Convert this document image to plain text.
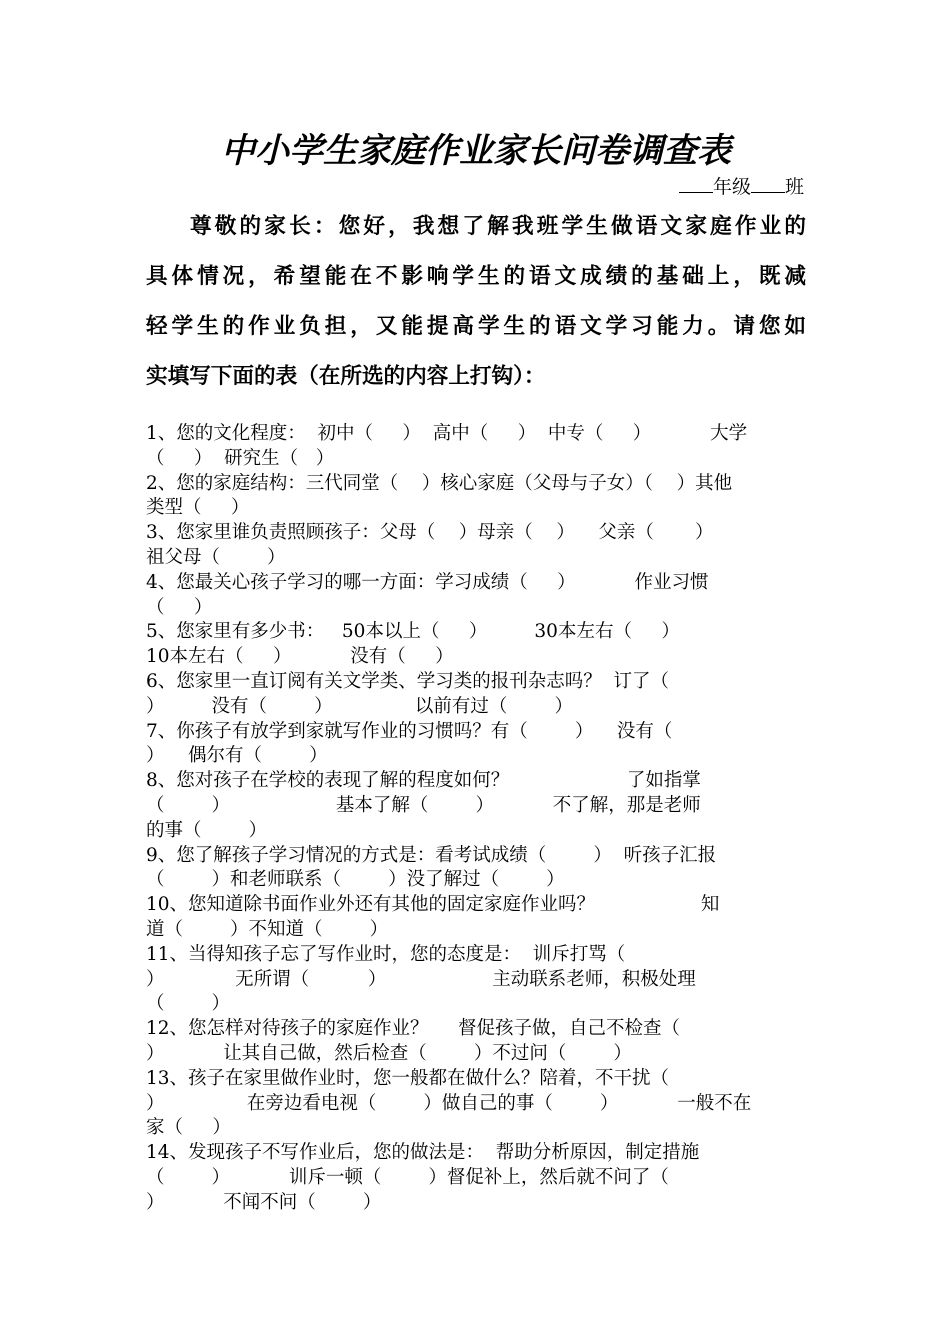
中小学生家庭作业家长问卷调查表
年级 班
尊敬的家长：您好，我想了解我班学生做语文家庭作业的
具体情况，希望能在不影响学生的语文成绩的基础上，既减
轻学生的作业负担，又能提高学生的语文学习能力。请您如
实填写下面的表（在所选的内容上打钩）：
1、您的文化程度：  初中（     ）  高中（     ）  中专（     ）          大学
（     ）  研究生（   ）
2、您的家庭结构：三代同堂（    ）核心家庭（父母与子女）（    ）其他
类型（     ）
3、您家里谁负责照顾孩子：父母（    ）母亲（    ）    父亲（       ）
祖父母（        ）
4、您最关心孩子学习的哪一方面：学习成绩（     ）          作业习惯
（     ）
5、您家里有多少书：   50本以上（     ）        30本左右（     ）
10本左右（     ）          没有（     ）
6、您家里一直订阅有关文学类、学习类的报刊杂志吗？  订了（
）        没有（        ）              以前有过（        ）
7、你孩子有放学到家就写作业的习惯吗？有（        ）    没有（
）    偶尔有（        ）
8、您对孩子在学校的表现了解的程度如何？                    了如指掌
（        ）                  基本了解（        ）          不了解，那是老师
的事（        ）
9、您了解孩子学习情况的方式是：看考试成绩（        ）  听孩子汇报
（        ）和老师联系（        ）没了解过（        ）
10、您知道除书面作业外还有其他的固定家庭作业吗？                  知
道（        ）不知道（        ）
11、当得知孩子忘了写作业时，您的态度是：  训斥打骂（
）            无所谓（          ）                  主动联系老师，积极处理
（        ）
12、您怎样对待孩子的家庭作业？     督促孩子做，自己不检查（
）          让其自己做，然后检查（        ）不过问（        ）
13、孩子在家里做作业时，您一般都在做什么？陪着，不干扰（
）              在旁边看电视（        ）做自己的事（        ）          一般不在
家（     ）
14、发现孩子不写作业后，您的做法是：  帮助分析原因，制定措施
（        ）          训斥一顿（        ）督促补上，然后就不问了（
）          不闻不问（        ）
